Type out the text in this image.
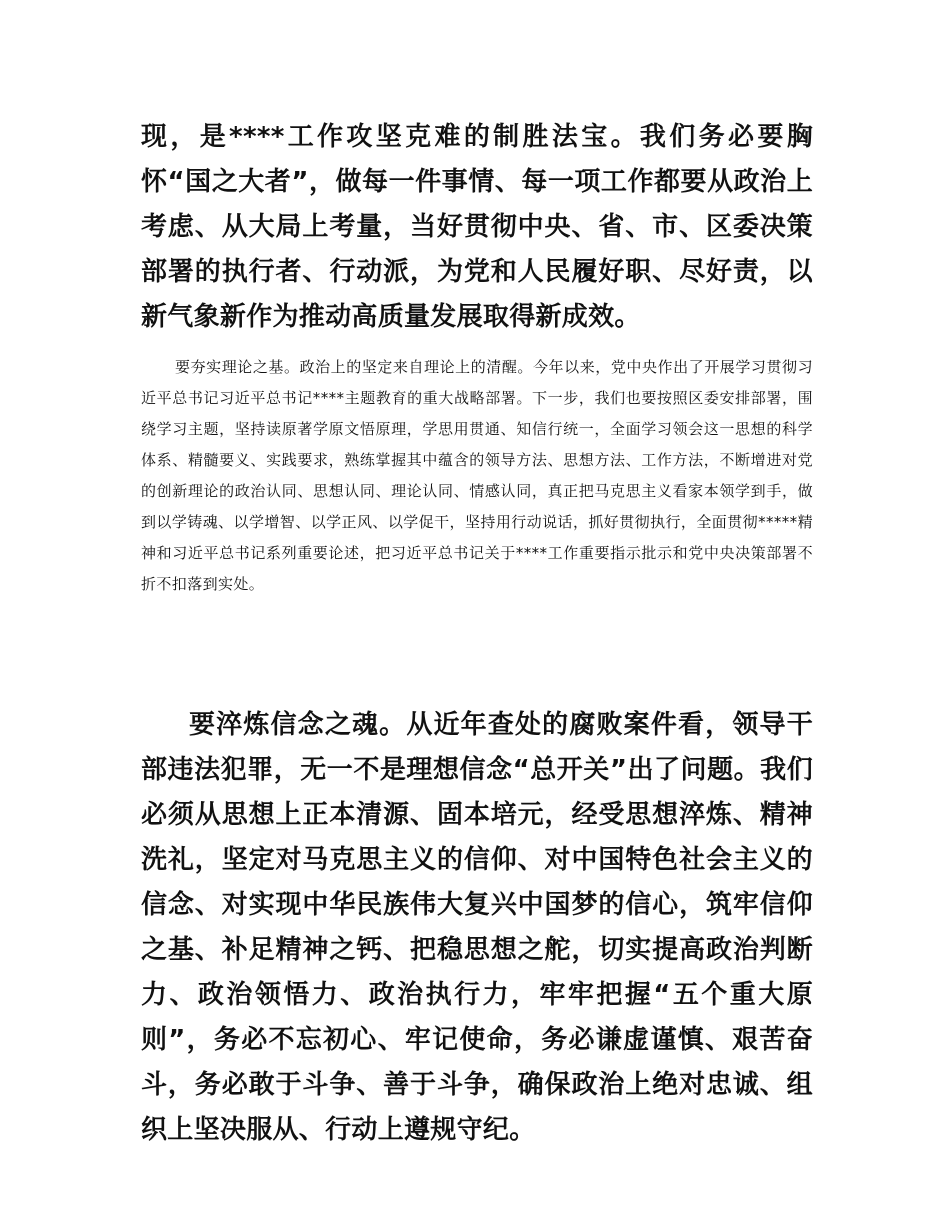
现，是****工作攻坚克难的制胜法宝。我们务必要胸怀“国之大者”，做每一件事情、每一项工作都要从政治上考虑、从大局上考量，当好贯彻中央、省、市、区委决策部署的执行者、行动派，为党和人民履好职、尽好责，以新气象新作为推动高质量发展取得新成效。

要夯实理论之基。政治上的坚定来自理论上的清醒。今年以来，党中央作出了开展学习贯彻习近平总书记习近平总书记****主题教育的重大战略部署。下一步，我们也要按照区委安排部署，围绕学习主题，坚持读原著学原文悟原理，学思用贯通、知信行统一，全面学习领会这一思想的科学体系、精髓要义、实践要求，熟练掌握其中蕴含的领导方法、思想方法、工作方法，不断增进对党的创新理论的政治认同、思想认同、理论认同、情感认同，真正把马克思主义看家本领学到手，做到以学铸魂、以学增智、以学正风、以学促干，坚持用行动说话，抓好贯彻执行，全面贯彻*****精神和习近平总书记系列重要论述，把习近平总书记关于****工作重要指示批示和党中央决策部署不折不扣落到实处。

要淬炼信念之魂。从近年查处的腐败案件看，领导干部违法犯罪，无一不是理想信念“总开关”出了问题。我们必须从思想上正本清源、固本培元，经受思想淬炼、精神洗礼，坚定对马克思主义的信仰、对中国特色社会主义的信念、对实现中华民族伟大复兴中国梦的信心，筑牢信仰之基、补足精神之钙、把稳思想之舵，切实提高政治判断力、政治领悟力、政治执行力，牢牢把握“五个重大原则”，务必不忘初心、牢记使命，务必谦虚谨慎、艰苦奋斗，务必敢于斗争、善于斗争，确保政治上绝对忠诚、组织上坚决服从、行动上遵规守纪。
